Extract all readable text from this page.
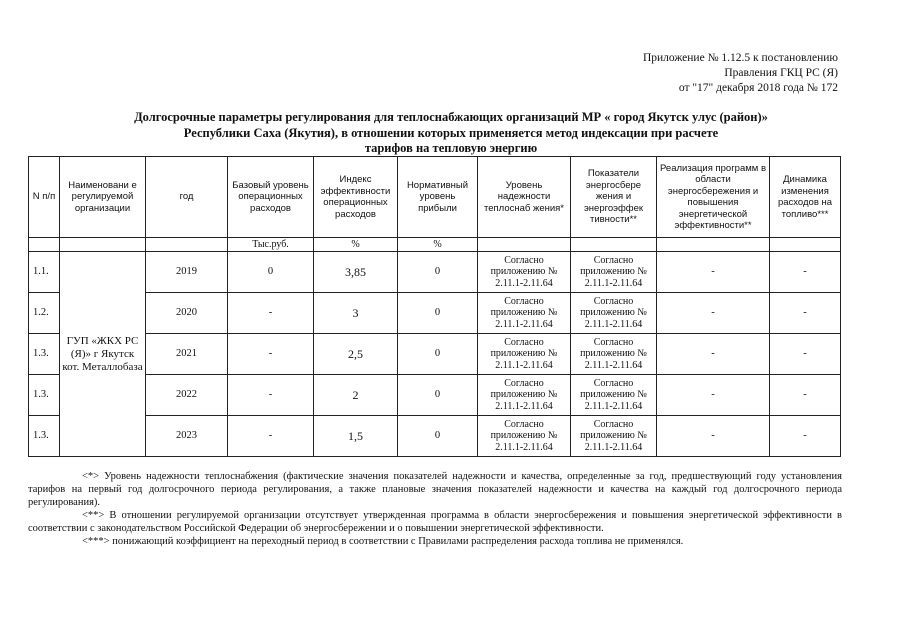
Приложение № 1.12.5 к постановлению
Правления ГКЦ РС (Я)
от "17" декабря 2018 года № 172
Долгосрочные параметры регулирования для теплоснабжающих организаций МР « город Якутск улус (район)»
Республики Саха (Якутия), в отношении которых применяется метод индексации при расчете
тарифов на тепловую энергию
N п/п	Наименовани е регулируемой организации	год	Базовый уровень операционных расходов	Индекс эффективности операционных расходов	Нормативный уровень прибыли	Уровень надежности теплоснаб жения*	Показатели энергосбере жения и энергоэффек тивности**	Реализация программ в области энергосбережения и повышения энергетической эффективности**	Динамика изменения расходов на топливо***
			Тыс.руб.	%	%				
1.1.	ГУП «ЖКХ РС (Я)» г Якутск кот. Металлобаза	2019	0	3,85	0	Согласно приложению № 2.11.1-2.11.64	Согласно приложению № 2.11.1-2.11.64	-	-
1.2.		2020	-	3	0	Согласно приложению № 2.11.1-2.11.64	Согласно приложению № 2.11.1-2.11.64	-	-
1.3.		2021	-	2,5	0	Согласно приложению № 2.11.1-2.11.64	Согласно приложению № 2.11.1-2.11.64	-	-
1.3.		2022	-	2	0	Согласно приложению № 2.11.1-2.11.64	Согласно приложению № 2.11.1-2.11.64	-	-
1.3.		2023	-	1,5	0	Согласно приложению № 2.11.1-2.11.64	Согласно приложению № 2.11.1-2.11.64	-	-

<*> Уровень надежности теплоснабжения (фактические значения показателей надежности и качества, определенные за год, предшествующий году установления тарифов на первый год долгосрочного периода регулирования, а также плановые значения показателей надежности и качества на каждый год долгосрочного периода регулирования).

<**> В отношении регулируемой организации отсутствует утвержденная программа в области энергосбережения и повышения энергетической эффективности в соответствии с законодательством Российской Федерации об энергосбережении и о повышении энергетической эффективности.

<***> понижающий коэффициент на переходный период в соответствии с Правилами распределения расхода топлива не применялся.
